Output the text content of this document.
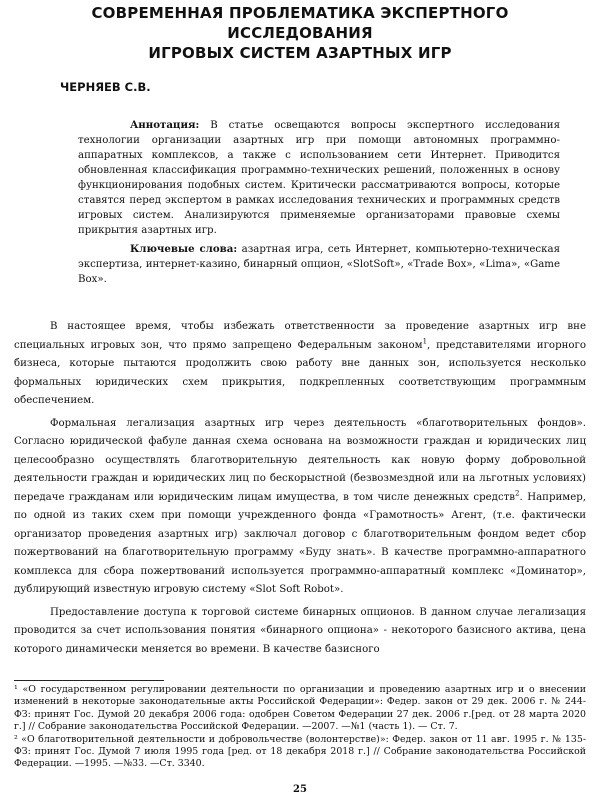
СОВРЕМЕННАЯ ПРОБЛЕМАТИКА ЭКСПЕРТНОГО ИССЛЕДОВАНИЯ
ИГРОВЫХ СИСТЕМ АЗАРТНЫХ ИГР
ЧЕРНЯЕВ С.В.

Аннотация: В статье освещаются вопросы экспертного исследования технологии организации азартных игр при помощи автономных программно-аппаратных комплексов, а также с использованием сети Интернет. Приводится обновленная классификация программно-технических решений, положенных в основу функционирования подобных систем. Критически рассматриваются вопросы, которые ставятся перед экспертом в рамках исследования технических и программных средств игровых систем. Анализируются применяемые организаторами правовые схемы прикрытия азартных игр.

Ключевые слова: азартная игра, сеть Интернет, компьютерно-техническая экспертиза, интернет-казино, бинарный опцион, «SlotSoft», «Trade Box», «Lima», «Game Box».

В настоящее время, чтобы избежать ответственности за проведение азартных игр вне специальных игровых зон, что прямо запрещено Федеральным законом$^1$, представителями игорного бизнеса, которые пытаются продолжить свою работу вне данных зон, используется несколько формальных юридических схем прикрытия, подкрепленных соответствующим программным обеспечением.

Формальная легализация азартных игр через деятельность «благотворительных фондов». Согласно юридической фабуле данная схема основана на возможности граждан и юридических лиц целесообразно осуществлять благотворительную деятельность как новую форму добровольной деятельности граждан и юридических лиц по бескорыстной (безвозмездной или на льготных условиях) передаче гражданам или юридическим лицам имущества, в том числе денежных средств$^2$. Например, по одной из таких схем при помощи учрежденного фонда «Грамотность» Агент, (т.е. фактически организатор проведения азартных игр) заключал договор с благотворительным фондом ведет сбор пожертвований на благотворительную программу «Буду знать». В качестве программно-аппаратного комплекса для сбора пожертвований используется программно-аппаратный комплекс «Доминатор», дублирующий известную игровую систему «Slot Soft Robot».

Предоставление доступа к торговой системе бинарных опционов. В данном случае легализация проводится за счет использования понятия «бинарного опциона» - некоторого базисного актива, цена которого динамически меняется во времени. В качестве базисного

¹ «О государственном регулировании деятельности по организации и проведению азартных игр и о внесении изменений в некоторые законодательные акты Российской Федерации»: Федер. закон от 29 дек. 2006 г. № 244-ФЗ: принят Гос. Думой 20 декабря 2006 года: одобрен Советом Федерации 27 дек. 2006 г.[ред. от 28 марта 2020 г.] // Собрание законодательства Российской Федерации. —2007. —№1 (часть 1). — Ст. 7.

² «О благотворительной деятельности и добровольчестве (волонтерстве)»: Федер. закон от 11 авг. 1995 г. № 135-ФЗ: принят Гос. Думой 7 июля 1995 года [ред. от 18 декабря 2018 г.] // Собрание законодательства Российской Федерации. —1995. —№33. —Ст. 3340.

25
